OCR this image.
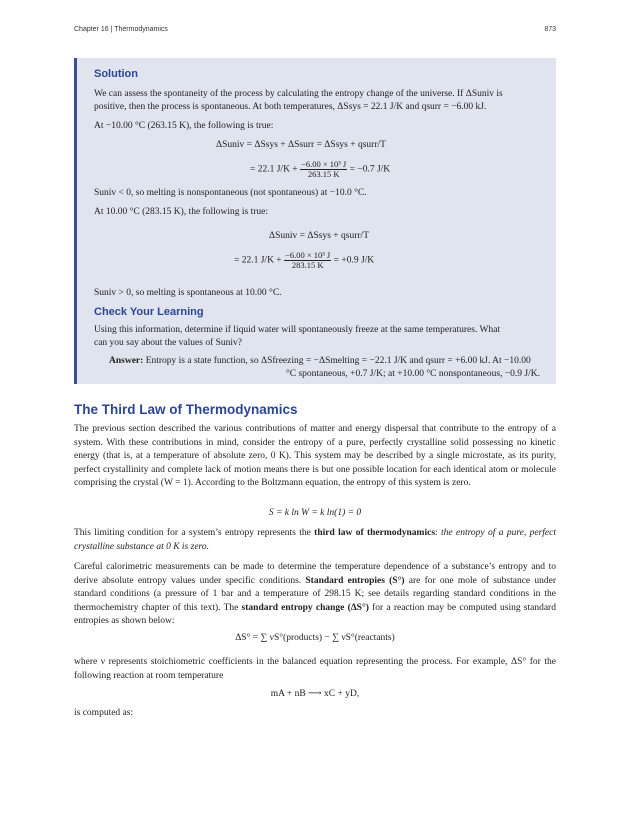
Chapter 16 | Thermodynamics	873
Solution

We can assess the spontaneity of the process by calculating the entropy change of the universe. If ΔSuniv is

positive, then the process is spontaneous. At both temperatures, ΔSsys = 22.1 J/K and qsurr = −6.00 kJ.

At −10.00 °C (263.15 K), the following is true:

ΔSuniv = ΔSsys + ΔSsurr = ΔSsys + qsurr/T
= 22.1 $J/K + \frac{\text{−6.00 × 10³ J}}{263.15 K} = -0.7$ J/K

Suniv < 0, so melting is nonspontaneous (not spontaneous) at −10.0 °C.

At 10.00 °C (283.15 K), the following is true:

ΔSuniv = ΔSsys + qsurr/T
= 22.1 $J/K + \frac{\text{−6.00 × 10³ J}}{283.15 K} = +0.9$ J/K

Suniv > 0, so melting is spontaneous at 10.00 °C.

Check Your Learning

Using this information, determine if liquid water will spontaneously freeze at the same temperatures. What

can you say about the values of Suniv?

Answer: Entropy is a state function, so ΔSfreezing = −ΔSmelting = −22.1 J/K and qsurr = +6.00 kJ. At −10.00

°C spontaneous, +0.7 J/K; at +10.00 °C nonspontaneous, −0.9 J/K.

The Third Law of Thermodynamics

The previous section described the various contributions of matter and energy dispersal that contribute to the entropy of a system. With these contributions in mind, consider the entropy of a pure, perfectly crystalline solid possessing no kinetic energy (that is, at a temperature of absolute zero, 0 K). This system may be described by a single microstate, as its purity, perfect crystallinity and complete lack of motion means there is but one possible location for each identical atom or molecule comprising the crystal (W = 1). According to the Boltzmann equation, the entropy of this system is zero.

S = k ln W = k ln(1) = 0

This limiting condition for a system’s entropy represents the third law of thermodynamics: the entropy of a pure, perfect crystalline substance at 0 K is zero.

Careful calorimetric measurements can be made to determine the temperature dependence of a substance’s entropy and to derive absolute entropy values under specific conditions. Standard entropies (S°) are for one mole of substance under standard conditions (a pressure of 1 bar and a temperature of 298.15 K; see details regarding standard conditions in the thermochemistry chapter of this text). The standard entropy change (ΔS°) for a reaction may be computed using standard entropies as shown below:

ΔS° = ∑ νS°(products) − ∑ νS°(reactants)

where ν represents stoichiometric coefficients in the balanced equation representing the process. For example, ΔS° for the following reaction at room temperature

mA + nB ⟶ xC + yD,

is computed as:
